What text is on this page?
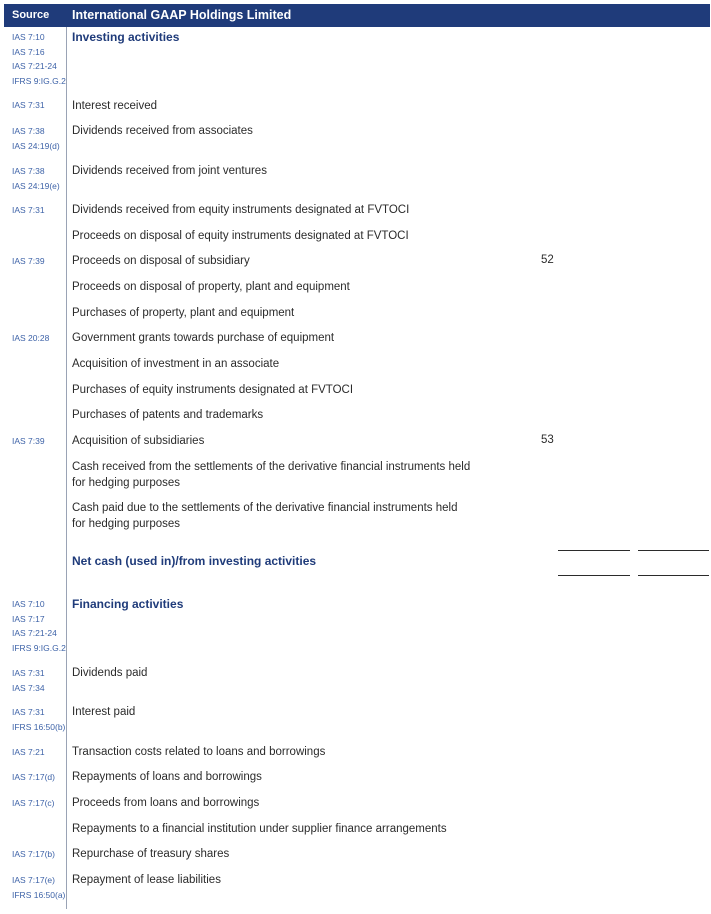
Source International GAAP Holdings Limited
IAS 7:10
IAS 7:16
IAS 7:21-24
IFRS 9:IG.G.2
Investing activities
IAS 7:31 Interest received
IAS 7:38
IAS 24:19(d)
Dividends received from associates
IAS 7:38
IAS 24:19(e)
Dividends received from joint ventures
IAS 7:31 Dividends received from equity instruments designated at FVTOCI
Proceeds on disposal of equity instruments designated at FVTOCI
IAS 7:39 Proceeds on disposal of subsidiary	52
Proceeds on disposal of property, plant and equipment
Purchases of property, plant and equipment
IAS 20:28 Government grants towards purchase of equipment
Acquisition of investment in an associate
Purchases of equity instruments designated at FVTOCI
Purchases of patents and trademarks
IAS 7:39 Acquisition of subsidiaries	53
Cash received from the settlements of the derivative financial instruments held for hedging purposes
Cash paid due to the settlements of the derivative financial instruments held for hedging purposes
Net cash (used in)/from investing activities
IAS 7:10
IAS 7:17
IAS 7:21-24
IFRS 9:IG.G.2
Financing activities
IAS 7:31
IAS 7:34
Dividends paid
IAS 7:31
IFRS 16:50(b)
Interest paid
IAS 7:21 Transaction costs related to loans and borrowings
IAS 7:17(d) Repayments of loans and borrowings
IAS 7:17(c) Proceeds from loans and borrowings
Repayments to a financial institution under supplier finance arrangements
IAS 7:17(b) Repurchase of treasury shares
IAS 7:17(e)
IFRS 16:50(a)
Repayment of lease liabilities
